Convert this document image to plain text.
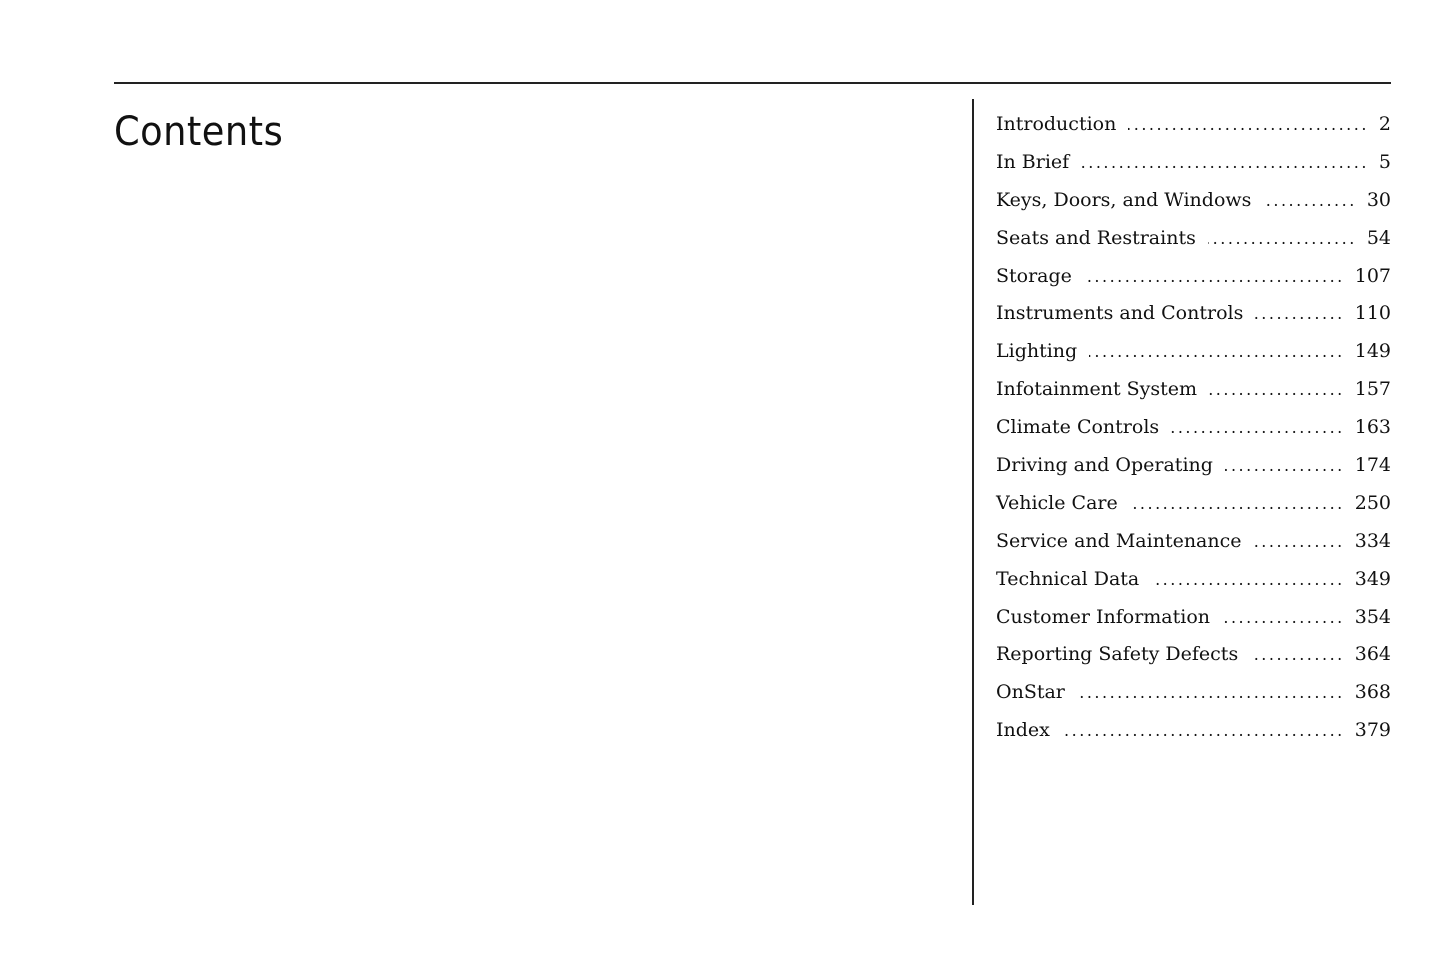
Contents	Introduction .....	2
In Brief .....	5
Keys, Doors, and Windows .....	30
Seats and Restraints .....	54
Storage .....	107
Instruments and Controls .....	110
Lighting .....	149
Infotainment System .....	157
Climate Controls .....	163
Driving and Operating .....	174
Vehicle Care .....	250
Service and Maintenance .....	334
Technical Data .....	349
Customer Information .....	354
Reporting Safety Defects .....	364
OnStar .....	368
Index .....	379
